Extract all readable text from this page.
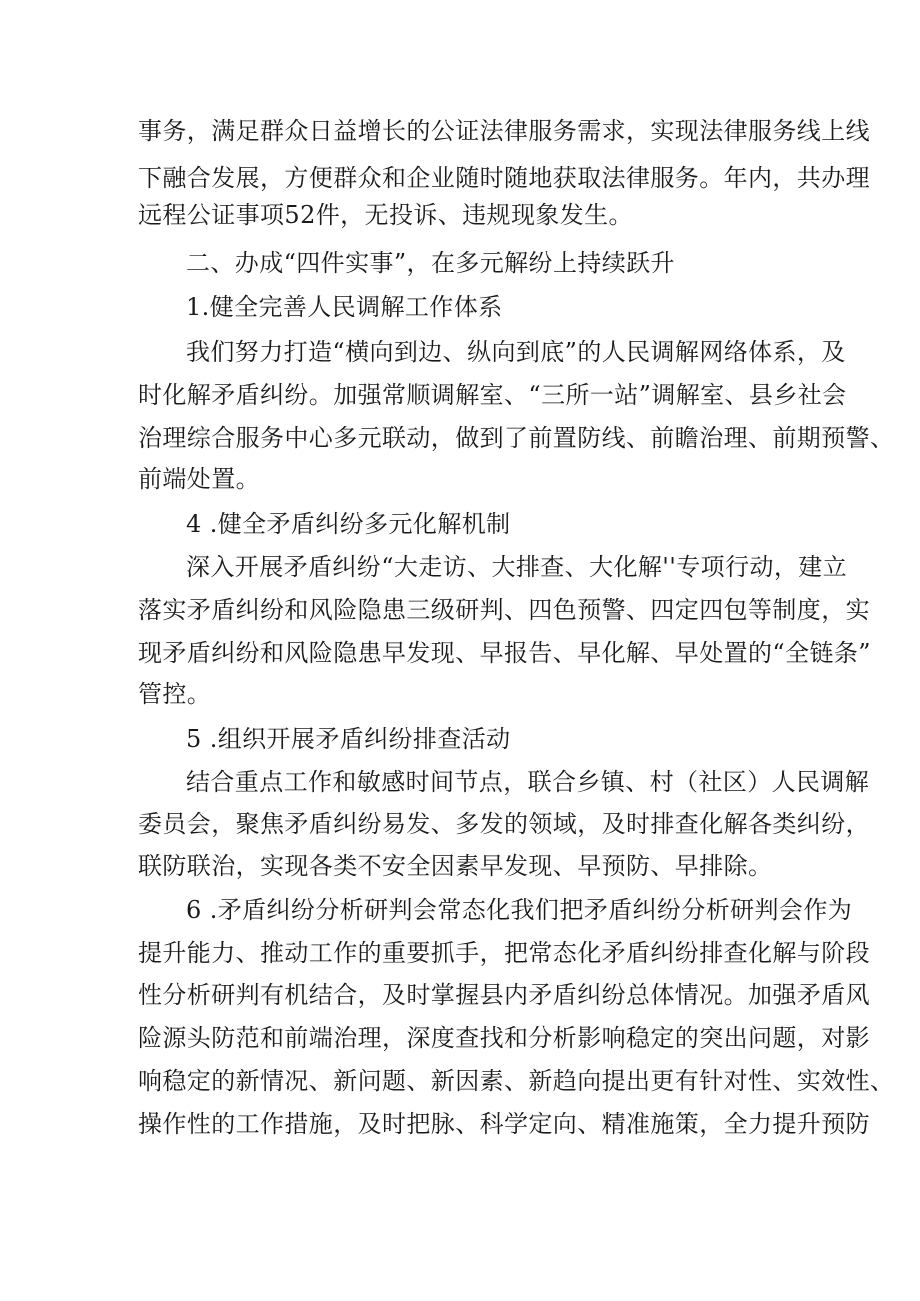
事务，满足群众日益增长的公证法律服务需求，实现法律服务线上线
下融合发展，方便群众和企业随时随地获取法律服务。年内，共办理
远程公证事项52件，无投诉、违规现象发生。
二、办成“四件实事”，在多元解纷上持续跃升
1.健全完善人民调解工作体系
我们努力打造“横向到边、纵向到底”的人民调解网络体系，及
时化解矛盾纠纷。加强常顺调解室、“三所一站”调解室、县乡社会
治理综合服务中心多元联动，做到了前置防线、前瞻治理、前期预警、
前端处置。
4 .健全矛盾纠纷多元化解机制
深入开展矛盾纠纷“大走访、大排查、大化解''专项行动，建立
落实矛盾纠纷和风险隐患三级研判、四色预警、四定四包等制度，实
现矛盾纠纷和风险隐患早发现、早报告、早化解、早处置的“全链条”
管控。
5 .组织开展矛盾纠纷排查活动
结合重点工作和敏感时间节点，联合乡镇、村（社区）人民调解
委员会，聚焦矛盾纠纷易发、多发的领域，及时排查化解各类纠纷，
联防联治，实现各类不安全因素早发现、早预防、早排除。
6 .矛盾纠纷分析研判会常态化我们把矛盾纠纷分析研判会作为
提升能力、推动工作的重要抓手，把常态化矛盾纠纷排查化解与阶段
性分析研判有机结合，及时掌握县内矛盾纠纷总体情况。加强矛盾风
险源头防范和前端治理，深度查找和分析影响稳定的突出问题，对影
响稳定的新情况、新问题、新因素、新趋向提出更有针对性、实效性、
操作性的工作措施，及时把脉、科学定向、精准施策，全力提升预防
